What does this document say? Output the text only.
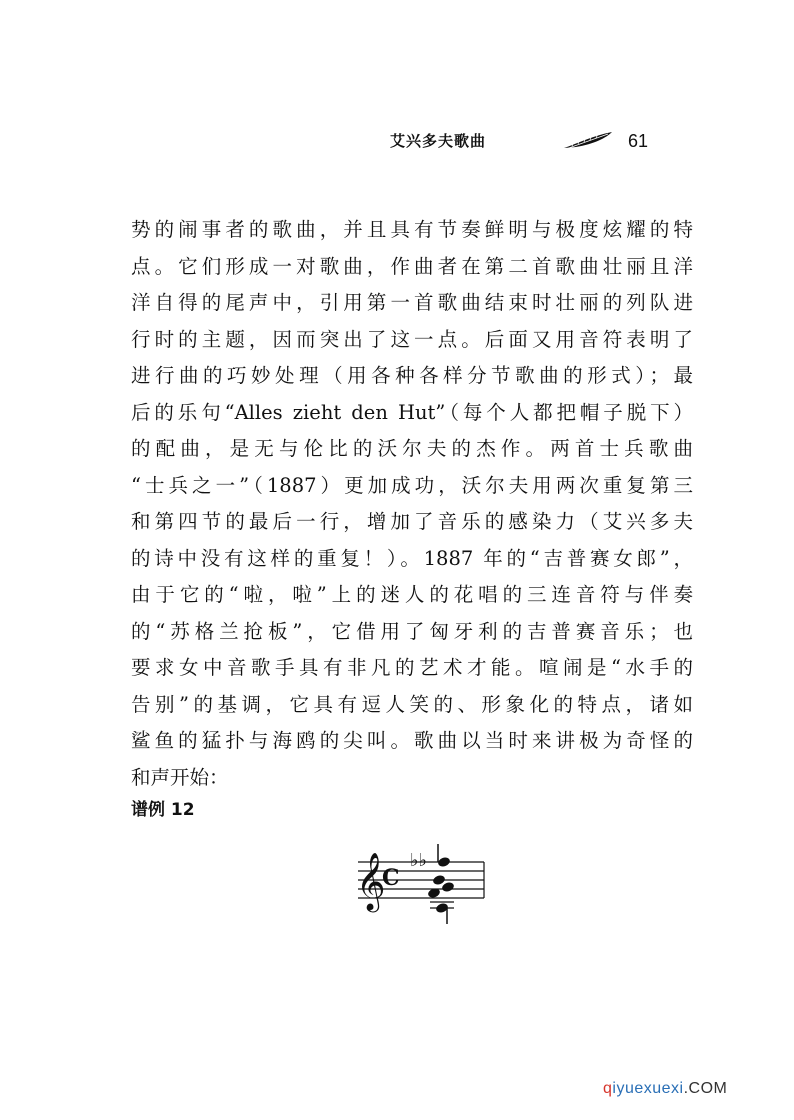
艾兴多夫歌曲	61
势的闹事者的歌曲，并且具有节奏鲜明与极度炫耀的特
点。它们形成一对歌曲，作曲者在第二首歌曲壮丽且洋
洋自得的尾声中，引用第一首歌曲结束时壮丽的列队进
行时的主题，因而突出了这一点。后面又用音符表明了
进行曲的巧妙处理（用各种各样分节歌曲的形式）；最
后的乐句“Alles zieht den Hut”（每个人都把帽子脱下）
的配曲，是无与伦比的沃尔夫的杰作。两首士兵歌曲
“士兵之一”（1887）更加成功，沃尔夫用两次重复第三
和第四节的最后一行，增加了音乐的感染力（艾兴多夫
的诗中没有这样的重复！）。1887 年的“吉普赛女郎”，
由于它的“啦，啦”上的迷人的花唱的三连音符与伴奏
的“苏格兰抢板”，它借用了匈牙利的吉普赛音乐；也
要求女中音歌手具有非凡的艺术才能。喧闹是“水手的
告别”的基调，它具有逗人笑的、形象化的特点，诸如
鲨鱼的猛扑与海鸥的尖叫。歌曲以当时来讲极为奇怪的
和声开始：
谱例 12
𝄞
C
♭♭
qiyuexuexi.COM
